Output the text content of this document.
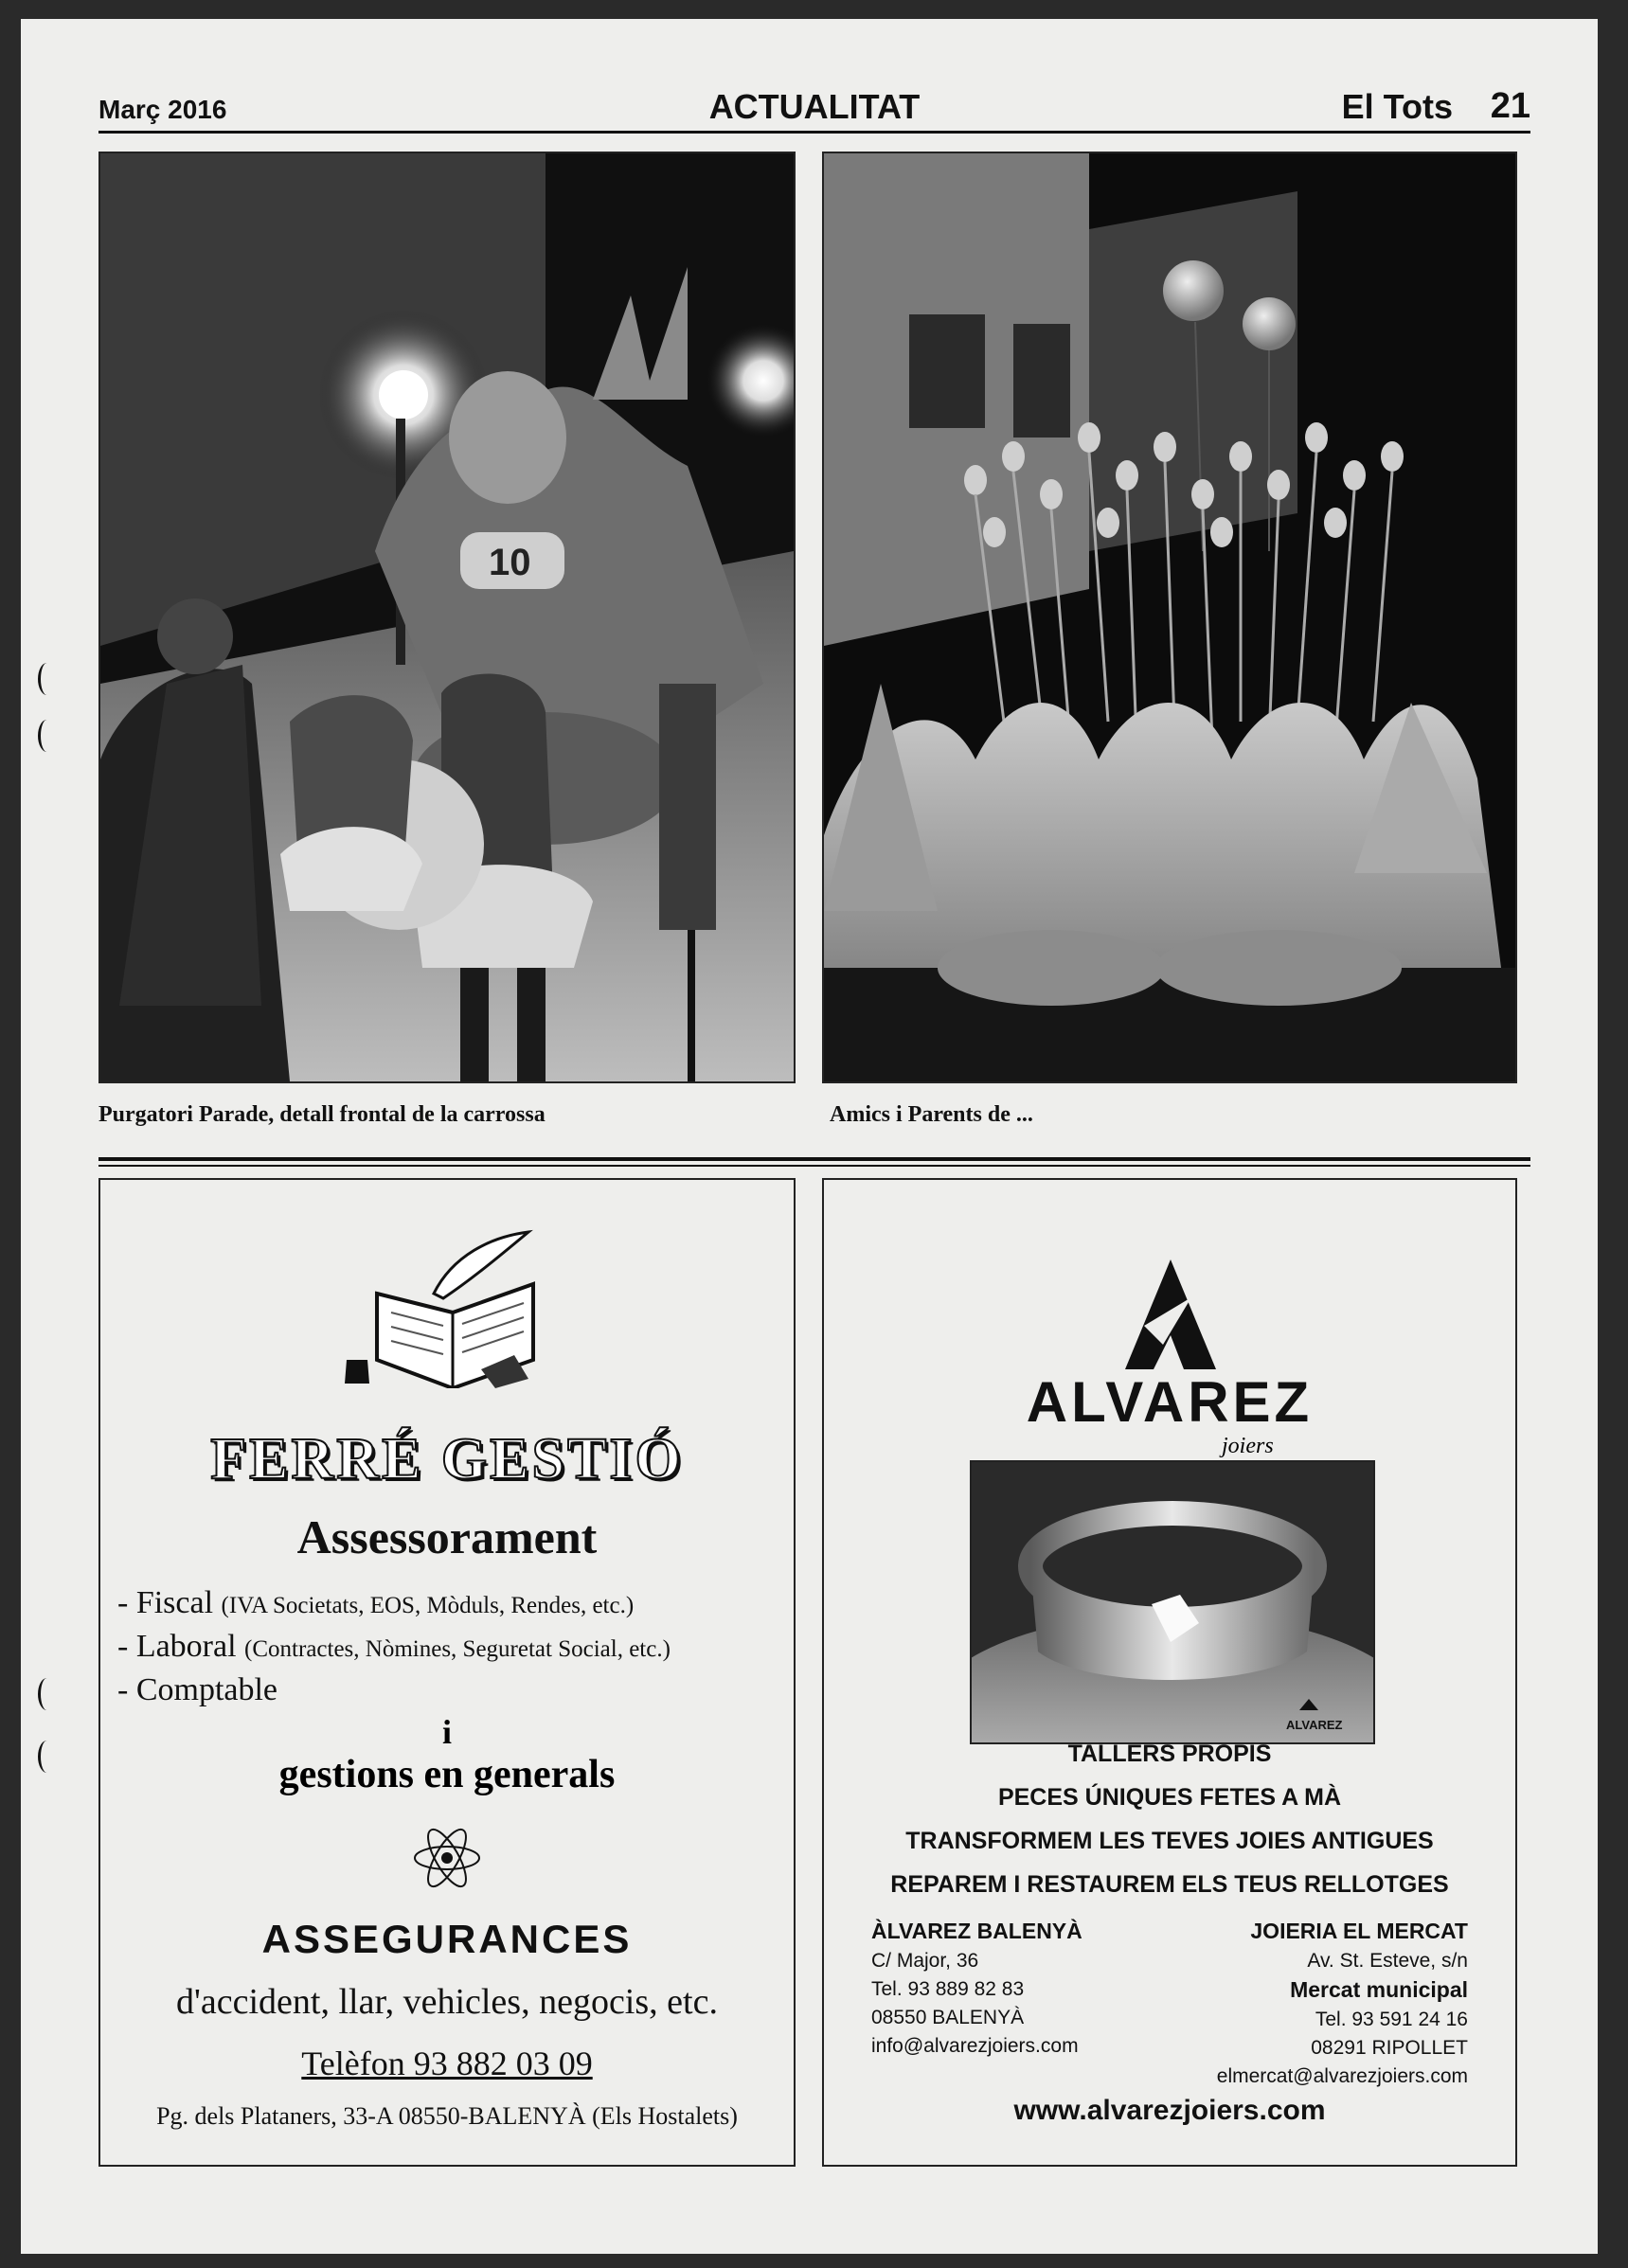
Març 2016	ACTUALITAT	El Tots 21
10
Purgatori Parade, detall frontal de la carrossa	Amics i Parents de ...
FERRÉ GESTIÓ
Assessorament
- Fiscal (IVA Societats, EOS, Mòduls, Rendes, etc.)
- Laboral (Contractes, Nòmines, Seguretat Social, etc.)
- Comptable
i
gestions en generals
ASSEGURANCES
d'accident, llar, vehicles, negocis, etc.
Telèfon 93 882 03 09
Pg. dels Plataners, 33-A 08550-BALENYÀ (Els Hostalets)
ALVAREZ
joiers
ALVAREZ
TALLERS PROPIS
PECES ÚNIQUES FETES A MÀ
TRANSFORMEM LES TEVES JOIES ANTIGUES
REPAREM I RESTAUREM ELS TEUS RELLOTGES
ÀLVAREZ BALENYÀ
C/ Major, 36
Tel. 93 889 82 83
08550 BALENYÀ
info@alvarezjoiers.com
JOIERIA EL MERCAT
Av. St. Esteve, s/n
Mercat municipal
Tel. 93 591 24 16
08291 RIPOLLET
elmercat@alvarezjoiers.com
www.alvarezjoiers.com
